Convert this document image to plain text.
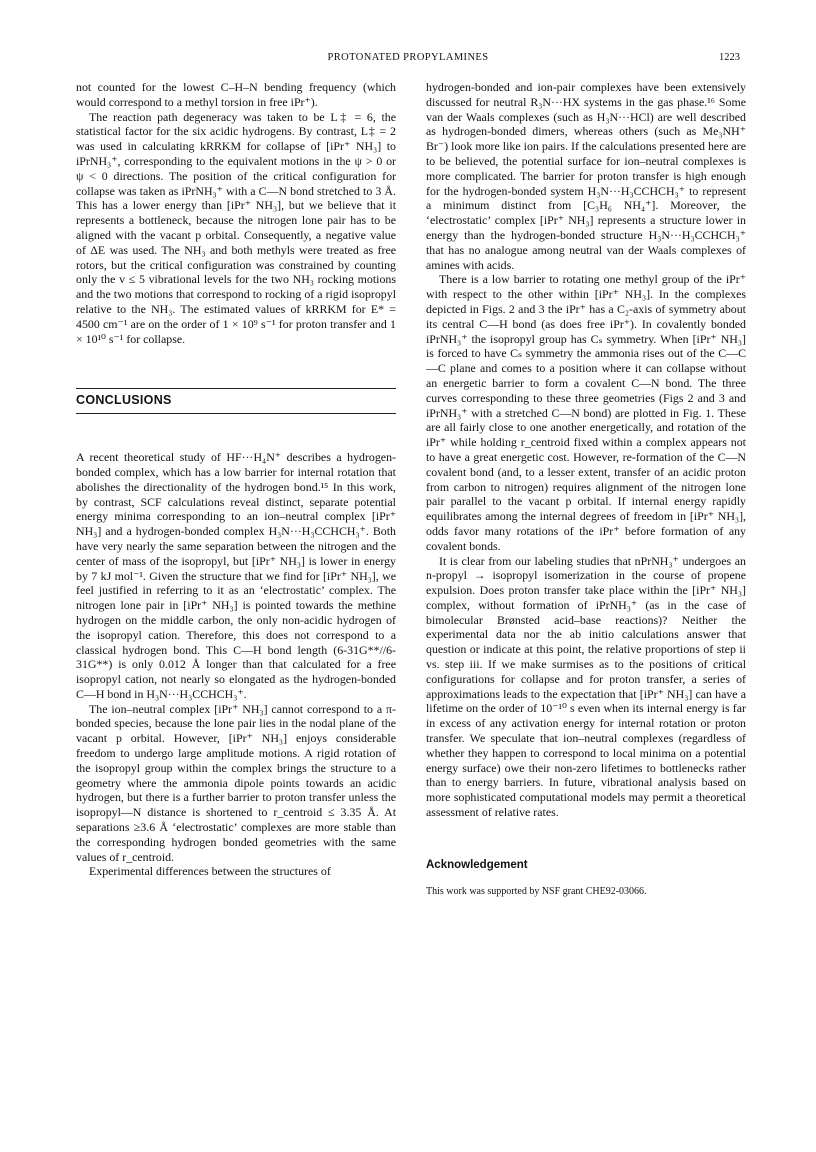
PROTONATED PROPYLAMINES	1223

not counted for the lowest C–H–N bending frequency (which would correspond to a methyl torsion in free iPr⁺).

The reaction path degeneracy was taken to be L‡ = 6, the statistical factor for the six acidic hydrogens. By contrast, L‡ = 2 was used in calculating kRRKM for collapse of [iPr⁺ NH₃] to iPrNH₃⁺, corresponding to the equivalent motions in the ψ > 0 or ψ < 0 directions. The position of the critical configuration for collapse was taken as iPrNH₃⁺ with a C—N bond stretched to 3 Å. This has a lower energy than [iPr⁺ NH₃], but we believe that it represents a bottleneck, because the nitrogen lone pair has to be aligned with the vacant p orbital. Consequently, a negative value of ΔE was used. The NH₃ and both methyls were treated as free rotors, but the critical configuration was constrained by counting only the v ≤ 5 vibrational levels for the two NH₃ rocking motions and the two motions that correspond to rocking of a rigid isopropyl relative to the NH₃. The estimated values of kRRKM for E* = 4500 cm⁻¹ are on the order of 1 × 10⁹ s⁻¹ for proton transfer and 1 × 10¹⁰ s⁻¹ for collapse.

CONCLUSIONS

A recent theoretical study of HF···H₄N⁺ describes a hydrogen-bonded complex, which has a low barrier for internal rotation that abolishes the directionality of the hydrogen bond.¹⁵ In this work, by contrast, SCF calculations reveal distinct, separate potential energy minima corresponding to an ion–neutral complex [iPr⁺ NH₃] and a hydrogen-bonded complex H₃N···H₃CCHCH₃⁺. Both have very nearly the same separation between the nitrogen and the center of mass of the isopropyl, but [iPr⁺ NH₃] is lower in energy by 7 kJ mol⁻¹. Given the structure that we find for [iPr⁺ NH₃], we feel justified in referring to it as an ‘electrostatic’ complex. The nitrogen lone pair in [iPr⁺ NH₃] is pointed towards the methine hydrogen on the middle carbon, the only non-acidic hydrogen of the isopropyl cation. Therefore, this does not correspond to a classical hydrogen bond. This C—H bond length (6-31G**//6-31G**) is only 0.012 Å longer than that calculated for a free isopropyl cation, not nearly so elongated as the hydrogen-bonded C—H bond in H₃N···H₃CCHCH₃⁺.

The ion–neutral complex [iPr⁺ NH₃] cannot correspond to a π-bonded species, because the lone pair lies in the nodal plane of the vacant p orbital. However, [iPr⁺ NH₃] enjoys considerable freedom to undergo large amplitude motions. A rigid rotation of the isopropyl group within the complex brings the structure to a geometry where the ammonia dipole points towards an acidic hydrogen, but there is a further barrier to proton transfer unless the isopropyl—N distance is shortened to r_centroid ≤ 3.35 Å. At separations ≥3.6 Å ‘electrostatic’ complexes are more stable than the corresponding hydrogen bonded geometries with the same values of r_centroid.

Experimental differences between the structures of

hydrogen-bonded and ion-pair complexes have been extensively discussed for neutral R₃N···HX systems in the gas phase.¹⁶ Some van der Waals complexes (such as H₃N···HCl) are well described as hydrogen-bonded dimers, whereas others (such as Me₃NH⁺ Br⁻) look more like ion pairs. If the calculations presented here are to be believed, the potential surface for ion–neutral complexes is more complicated. The barrier for proton transfer is high enough for the hydrogen-bonded system H₃N···H₃CCHCH₃⁺ to represent a minimum distinct from [C₃H₆ NH₄⁺]. Moreover, the ‘electrostatic’ complex [iPr⁺ NH₃] represents a structure lower in energy than the hydrogen-bonded structure H₃N···H₃CCHCH₃⁺ that has no analogue among neutral van der Waals complexes of amines with acids.

There is a low barrier to rotating one methyl group of the iPr⁺ with respect to the other within [iPr⁺ NH₃]. In the complexes depicted in Figs. 2 and 3 the iPr⁺ has a C₂-axis of symmetry about its central C—H bond (as does free iPr⁺). In covalently bonded iPrNH₃⁺ the isopropyl group has Cₛ symmetry. When [iPr⁺ NH₃] is forced to have Cₛ symmetry the ammonia rises out of the C—C—C plane and comes to a position where it can collapse without an energetic barrier to form a covalent C—N bond. The three curves corresponding to these three geometries (Figs 2 and 3 and iPrNH₃⁺ with a stretched C—N bond) are plotted in Fig. 1. These are all fairly close to one another energetically, and rotation of the iPr⁺ while holding r_centroid fixed within a complex appears not to have a great energetic cost. However, re-formation of the C—N covalent bond (and, to a lesser extent, transfer of an acidic proton from carbon to nitrogen) requires alignment of the nitrogen lone pair parallel to the vacant p orbital. If internal energy rapidly equilibrates among the internal degrees of freedom in [iPr⁺ NH₃], odds favor many rotations of the iPr⁺ before formation of any covalent bonds.

It is clear from our labeling studies that nPrNH₃⁺ undergoes an n-propyl → isopropyl isomerization in the course of propene expulsion. Does proton transfer take place within the [iPr⁺ NH₃] complex, without formation of iPrNH₃⁺ (as in the case of bimolecular Brønsted acid–base reactions)? Neither the experimental data nor the ab initio calculations answer that question or indicate at this point, the relative proportions of step ii vs. step iii. If we make surmises as to the positions of critical configurations for collapse and for proton transfer, a series of approximations leads to the expectation that [iPr⁺ NH₃] can have a lifetime on the order of 10⁻¹⁰ s even when its internal energy is far in excess of any activation energy for internal rotation or proton transfer. We speculate that ion–neutral complexes (regardless of whether they happen to correspond to local minima on a potential energy surface) owe their non-zero lifetimes to bottlenecks rather than to energy barriers. In future, vibrational analysis based on more sophisticated computational models may permit a theoretical assessment of relative rates.

Acknowledgement

This work was supported by NSF grant CHE92-03066.
